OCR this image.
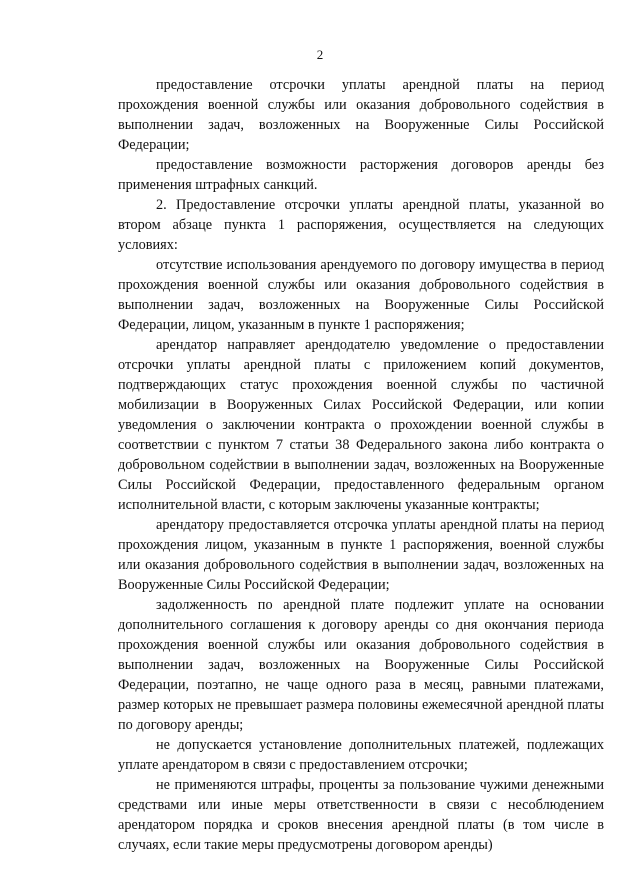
2

предоставление отсрочки уплаты арендной платы на период прохождения военной службы или оказания добровольного содействия в выполнении задач, возложенных на Вооруженные Силы Российской Федерации;

предоставление возможности расторжения договоров аренды без применения штрафных санкций.

2. Предоставление отсрочки уплаты арендной платы, указанной во втором абзаце пункта 1 распоряжения, осуществляется на следующих условиях:

отсутствие использования арендуемого по договору имущества в период прохождения военной службы или оказания добровольного содействия в выполнении задач, возложенных на Вооруженные Силы Российской Федерации, лицом, указанным в пункте 1 распоряжения;

арендатор направляет арендодателю уведомление о предоставлении отсрочки уплаты арендной платы с приложением копий документов, подтверждающих статус прохождения военной службы по частичной мобилизации в Вооруженных Силах Российской Федерации, или копии уведомления о заключении контракта о прохождении военной службы в соответствии с пунктом 7 статьи 38 Федерального закона либо контракта о добровольном содействии в выполнении задач, возложенных на Вооруженные Силы Российской Федерации, предоставленного федеральным органом исполнительной власти, с которым заключены указанные контракты;

арендатору предоставляется отсрочка уплаты арендной платы на период прохождения лицом, указанным в пункте 1 распоряжения, военной службы или оказания добровольного содействия в выполнении задач, возложенных на Вооруженные Силы Российской Федерации;

задолженность по арендной плате подлежит уплате на основании дополнительного соглашения к договору аренды со дня окончания периода прохождения военной службы или оказания добровольного содействия в выполнении задач, возложенных на Вооруженные Силы Российской Федерации, поэтапно, не чаще одного раза в месяц, равными платежами, размер которых не превышает размера половины ежемесячной арендной платы по договору аренды;

не допускается установление дополнительных платежей, подлежащих уплате арендатором в связи с предоставлением отсрочки;

не применяются штрафы, проценты за пользование чужими денежными средствами или иные меры ответственности в связи с несоблюдением арендатором порядка и сроков внесения арендной платы (в том числе в случаях, если такие меры предусмотрены договором аренды)
